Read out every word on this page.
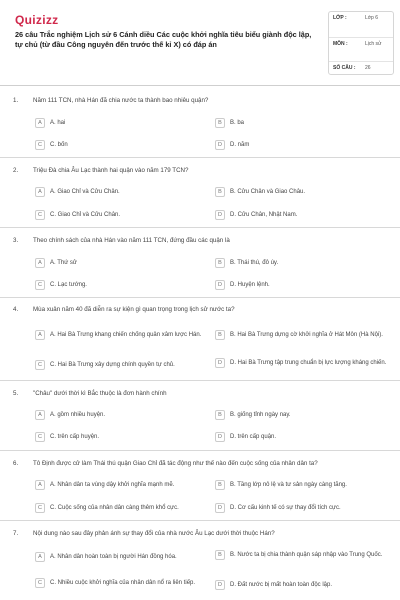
Quizizz
26 câu Trắc nghiệm Lịch sử 6 Cánh diều Các cuộc khởi nghĩa tiêu biểu giành độc lập, tự chủ (từ đầu Công nguyên đến trước thế kỉ X) có đáp án
LỚP :	Lớp 6
MÔN :	Lịch sử
SỐ CÂU :	26
1. Năm 111 TCN, nhà Hán đã chia nước ta thành bao nhiêu quận?
A	A. hai	B	B. ba
C	C. bốn	D	D. năm
2. Triệu Đà chia Âu Lạc thành hai quận vào năm 179 TCN?
A	A. Giao Chỉ và Cửu Chân.	B	B. Cửu Chân và Giao Châu.
C	C. Giao Chỉ và Cửu Chân.	D	D. Cửu Chân, Nhật Nam.
3. Theo chính sách của nhà Hán vào năm 111 TCN, đứng đầu các quận là
A	A. Thứ sử	B	B. Thái thú, đô úy.
C	C. Lạc tướng.	D	D. Huyện lệnh.
4. Mùa xuân năm 40 đã diễn ra sự kiện gì quan trọng trong lịch sử nước ta?
A	A. Hai Bà Trưng khang chiến chống quân xâm lược Hán.	B	B. Hai Bà Trưng dựng cờ khởi nghĩa ở Hát Môn (Hà Nội).
C	C. Hai Bà Trưng xây dựng chính quyền tự chủ.	D	D. Hai Bà Trưng tập trung chuẩn bị lực lượng kháng chiến.
5. "Châu" dưới thời kì Bắc thuộc là đơn hành chính
A	A. gồm nhiều huyện.	B	B. giống tỉnh ngày nay.
C	C. trên cấp huyện.	D	D. trên cấp quận.
6. Tô Định được cử làm Thái thú quận Giao Chỉ đã tác động như thế nào đến cuộc sống của nhân dân ta?
A	A. Nhân dân ta vùng dậy khởi nghĩa mạnh mẽ.	B	B. Tầng lớp nô lệ và tư sản ngày càng tăng.
C	C. Cuộc sống của nhân dân càng thêm khổ cực.	D	D. Cơ cấu kinh tế có sự thay đổi tích cực.
7. Nội dung nào sau đây phản ánh sự thay đổi của nhà nước Âu Lạc dưới thời thuộc Hán?
A	A. Nhân dân hoàn toàn bị người Hán đồng hóa.	B	B. Nước ta bị chia thành quận sáp nhập vào Trung Quốc.
C	C. Nhiều cuộc khởi nghĩa của nhân dân nổ ra liên tiếp.	D	D. Đất nước bị mất hoàn toàn độc lập.
